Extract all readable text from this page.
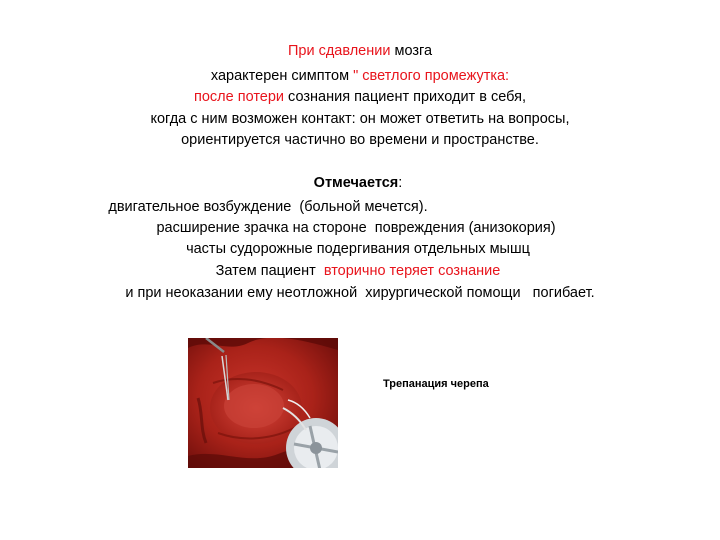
При сдавлении мозга

характерен симптом " светлого промежутка:

после потери сознания пациент приходит в себя,

когда с ним возможен контакт: он может ответить на вопросы,

ориентируется частично во времени и пространстве.

Отмечается:

двигательное возбуждение  (больной мечется).

расширение зрачка на стороне  повреждения (анизокория)

часты судорожные подергивания отдельных мышц

Затем пациент  вторично теряет сознание

и при неоказании ему неотложной  хирургической помощи   погибает.

Трепанация черепа
